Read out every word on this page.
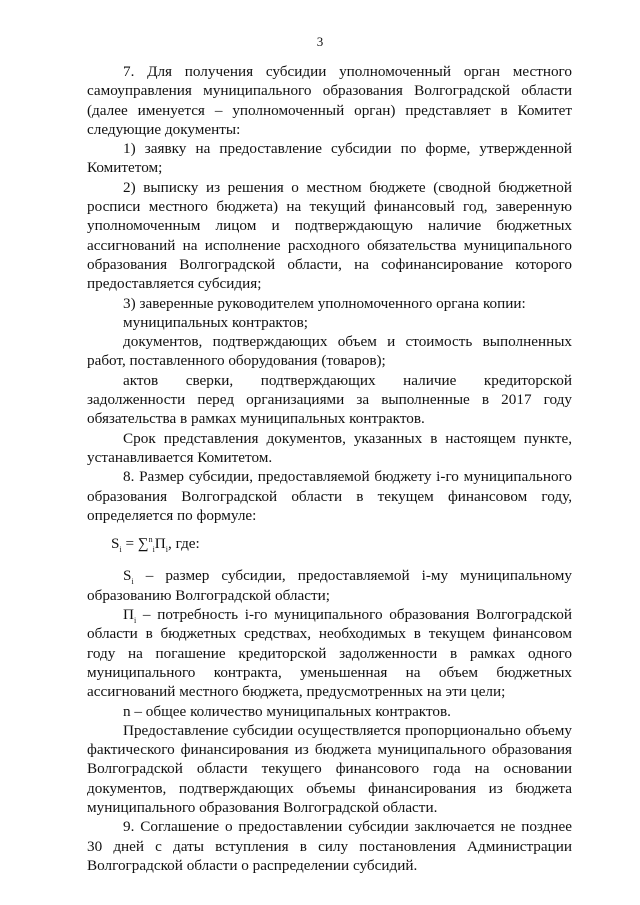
3

7. Для получения субсидии уполномоченный орган местного самоуправления муниципального образования Волгоградской области (далее именуется – уполномоченный орган) представляет в Комитет следующие документы:

1) заявку на предоставление субсидии по форме, утвержденной Комитетом;

2) выписку из решения о местном бюджете (сводной бюджетной росписи местного бюджета) на текущий финансовый год, заверенную уполномоченным лицом и подтверждающую наличие бюджетных ассигнований на исполнение расходного обязательства муниципального образования Волгоградской области, на софинансирование которого предоставляется субсидия;

3) заверенные руководителем уполномоченного органа копии:

муниципальных контрактов;

документов, подтверждающих объем и стоимость выполненных работ, поставленного оборудования (товаров);

актов сверки, подтверждающих наличие кредиторской задолженности перед организациями за выполненные в 2017 году обязательства в рамках муниципальных контрактов.

Срок представления документов, указанных в настоящем пункте, устанавливается Комитетом.

8. Размер субсидии, предоставляемой бюджету i-го муниципального образования Волгоградской области в текущем финансовом году, определяется по формуле:

$S_i = \sum^n_iП_i$, где:

$S_i$ – размер субсидии, предоставляемой i-му муниципальному образованию Волгоградской области;

$П_i$ – потребность i-го муниципального образования Волгоградской области в бюджетных средствах, необходимых в текущем финансовом году на погашение кредиторской задолженности в рамках одного муниципального контракта, уменьшенная на объем бюджетных ассигнований местного бюджета, предусмотренных на эти цели;

n – общее количество муниципальных контрактов.

Предоставление субсидии осуществляется пропорционально объему фактического финансирования из бюджета муниципального образования Волгоградской области текущего финансового года на основании документов, подтверждающих объемы финансирования из бюджета муниципального образования Волгоградской области.

9. Соглашение о предоставлении субсидии заключается не позднее 30 дней с даты вступления в силу постановления Администрации Волгоградской области о распределении субсидий.
